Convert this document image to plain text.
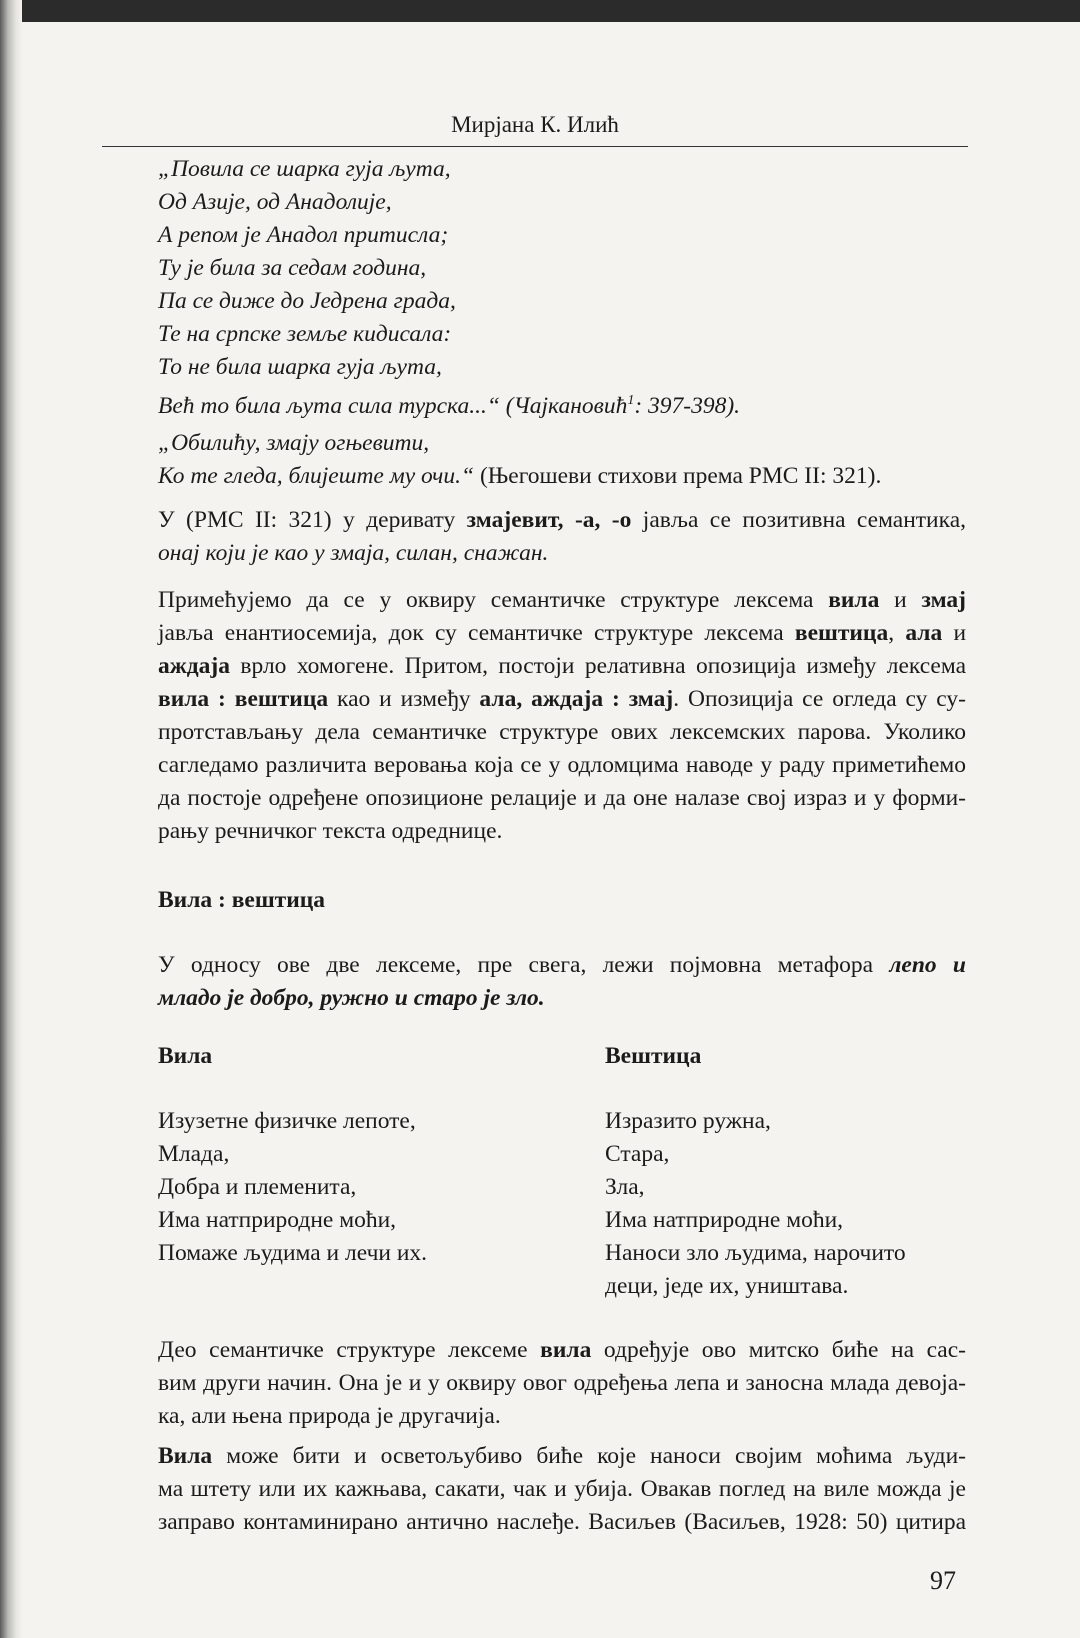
Мирјана К. Илић
„Повила се шарка гуја љута,
Од Азије, од Анадолије,
А репом је Анадол притисла;
Ту је била за седам година,
Па се диже до Једрена града,
Те на српске земље кидисала:
То не била шарка гуја љута,
Већ то била љута сила турска...“ (Чајкановић$^1$: 397-398).
„Обилићу, змају огњевити,
Ко те гледа, блијеште му очи.“ (Његошеви стихови према РМС II: 321).
У (РМС II: 321) у деривату змајевит, -а, -о јавља се позитивна семантика,
онај који је као у змаја, силан, снажан.
Примећујемо да се у оквиру семантичке структуре лексема вила и змај
јавља енантиосемија, док су семантичке структуре лексема вештица, ала и
аждаја врло хомогене. Притом, постоји релативна опозиција између лексема
вила : вештица као и између ала, аждаја : змај. Опозиција се огледа су су-
протстављању дела семантичке структуре ових лексемских парова. Уколико
сагледамо различита веровања која се у одломцима наводе у раду приметићемо
да постоје одређене опозиционе релације и да оне налазе свој израз и у форми-
рању речничког текста одреднице.
Вила : вештица
У односу ове две лексеме, пре свега, лежи појмовна метафора лепо и
младо је добро, ружно и старо је зло.
Вила	Вештица
Изузетне физичке лепоте,
Млада,
Добра и племенита,
Има натприродне моћи,
Помаже људима и лечи их.
Изразито ружна,
Стара,
Зла,
Има натприродне моћи,
Наноси зло људима, нарочито
деци, једе их, уништава.
Део семантичке структуре лексеме вила одређује ово митско биће на сас-
вим други начин. Она је и у оквиру овог одређења лепа и заносна млада девоја-
ка, али њена природа је другачија.
Вила може бити и осветољубиво биће које наноси својим моћима људи-
ма штету или их кажњава, сакати, чак и убија. Овакав поглед на виле можда је
заправо контаминирано антично наслеђе. Васиљев (Васиљев, 1928: 50) цитира
97
